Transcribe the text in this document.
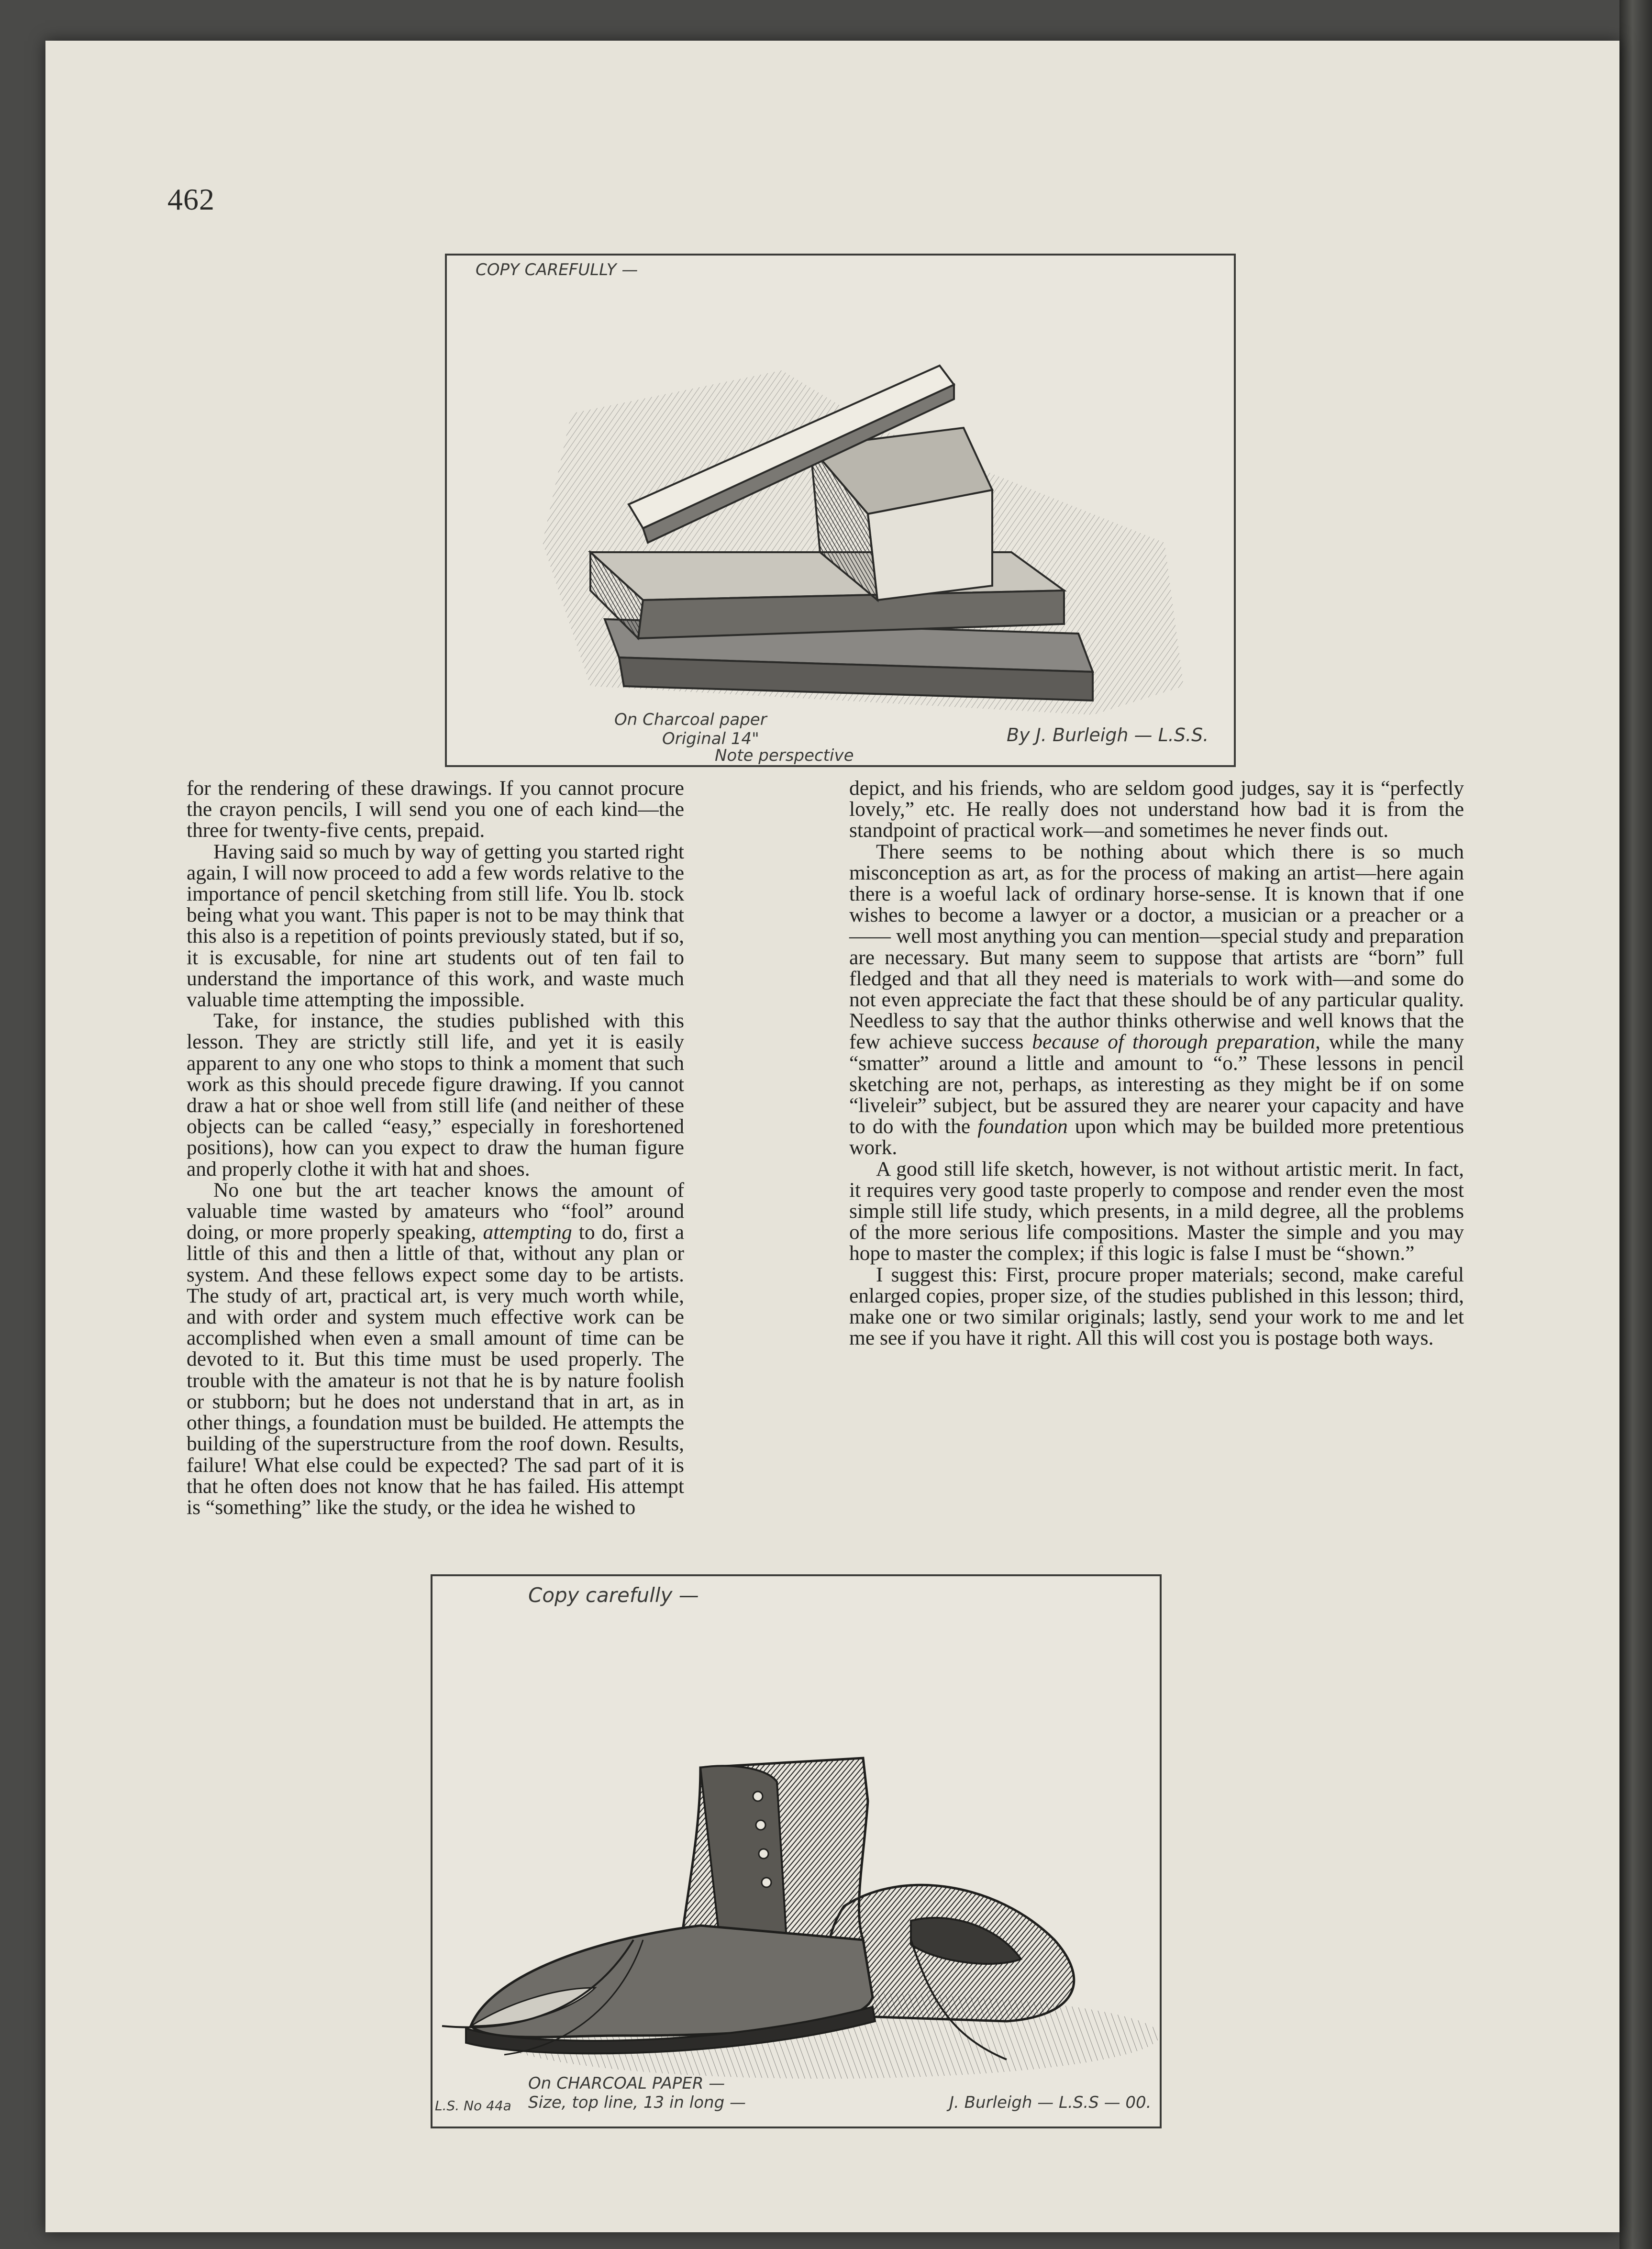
462
COPY CAREFULLY —
On Charcoal paper
Original 14"
Note perspective
By J. Burleigh — L.S.S.

for the rendering of these drawings. If you cannot procure the crayon pencils, I will send you one of each kind—the three for twenty-five cents, prepaid.

Having said so much by way of getting you started right again, I will now proceed to add a few words relative to the importance of pencil sketching from still life. You lb. stock being what you want. This paper is not to be may think that this also is a repetition of points previously stated, but if so, it is excusable, for nine art students out of ten fail to understand the importance of this work, and waste much valuable time attempting the impossible.

Take, for instance, the studies published with this lesson. They are strictly still life, and yet it is easily apparent to any one who stops to think a moment that such work as this should precede figure drawing. If you cannot draw a hat or shoe well from still life (and neither of these objects can be called “easy,” especially in foreshortened positions), how can you expect to draw the human figure and properly clothe it with hat and shoes.

No one but the art teacher knows the amount of valuable time wasted by amateurs who “fool” around doing, or more properly speaking, attempting to do, first a little of this and then a little of that, without any plan or system. And these fellows expect some day to be artists. The study of art, practical art, is very much worth while, and with order and system much effective work can be accomplished when even a small amount of time can be devoted to it. But this time must be used properly. The trouble with the amateur is not that he is by nature foolish or stubborn; but he does not understand that in art, as in other things, a foundation must be builded. He attempts the building of the superstructure from the roof down. Results, failure! What else could be expected? The sad part of it is that he often does not know that he has failed. His attempt is “something” like the study, or the idea he wished to

depict, and his friends, who are seldom good judges, say it is “perfectly lovely,” etc. He really does not understand how bad it is from the standpoint of practical work—and sometimes he never finds out.

There seems to be nothing about which there is so much misconception as art, as for the process of making an artist—here again there is a woeful lack of ordinary horse-sense. It is known that if one wishes to become a lawyer or a doctor, a musician or a preacher or a —— well most anything you can mention—special study and preparation are necessary. But many seem to suppose that artists are “born” full fledged and that all they need is materials to work with—and some do not even appreciate the fact that these should be of any particular quality. Needless to say that the author thinks otherwise and well knows that the few achieve success because of thorough preparation, while the many “smatter” around a little and amount to “o.” These lessons in pencil sketching are not, perhaps, as interesting as they might be if on some “liveleir” subject, but be assured they are nearer your capacity and have to do with the foundation upon which may be builded more pretentious work.

A good still life sketch, however, is not without artistic merit. In fact, it requires very good taste properly to compose and render even the most simple still life study, which presents, in a mild degree, all the problems of the more serious life compositions. Master the simple and you may hope to master the complex; if this logic is false I must be “shown.”

I suggest this: First, procure proper materials; second, make careful enlarged copies, proper size, of the studies published in this lesson; third, make one or two similar originals; lastly, send your work to me and let me see if you have it right. All this will cost you is postage both ways.

Copy carefully —
On CHARCOAL PAPER —
Size, top line, 13 in long —
L.S. No 44a	J. Burleigh — L.S.S — 00.
